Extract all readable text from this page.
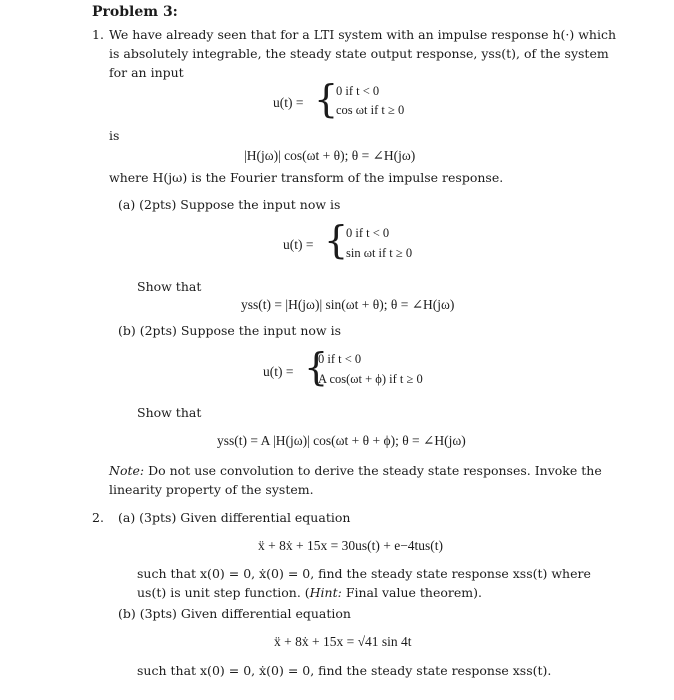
Problem 3:
1. We have already seen that for a LTI system with an impulse response h(·) which
is absolutely integrable, the steady state output response, yss(t), of the system
for an input
u(t) = {
0 if t < 0
cos ωt if t ≥ 0
is
|H(jω)| cos(ωt + θ); θ = ∠H(jω)
where H(jω) is the Fourier transform of the impulse response.
(a) (2pts) Suppose the input now is
u(t) = {
0 if t < 0
sin ωt if t ≥ 0
Show that
yss(t) = |H(jω)| sin(ωt + θ); θ = ∠H(jω)
(b) (2pts) Suppose the input now is
u(t) = {
0 if t < 0
A cos(ωt + ϕ) if t ≥ 0
Show that
yss(t) = A |H(jω)| cos(ωt + θ + ϕ); θ = ∠H(jω)
Note: Do not use convolution to derive the steady state responses. Invoke the
linearity property of the system.
2. (a) (3pts) Given differential equation
ẍ + 8ẋ + 15x = 30us(t) + e−4tus(t)
such that x(0) = 0, ẋ(0) = 0, find the steady state response xss(t) where
us(t) is unit step function. (Hint: Final value theorem).
(b) (3pts) Given differential equation
ẍ + 8ẋ + 15x = √41 sin 4t
such that x(0) = 0, ẋ(0) = 0, find the steady state response xss(t).
